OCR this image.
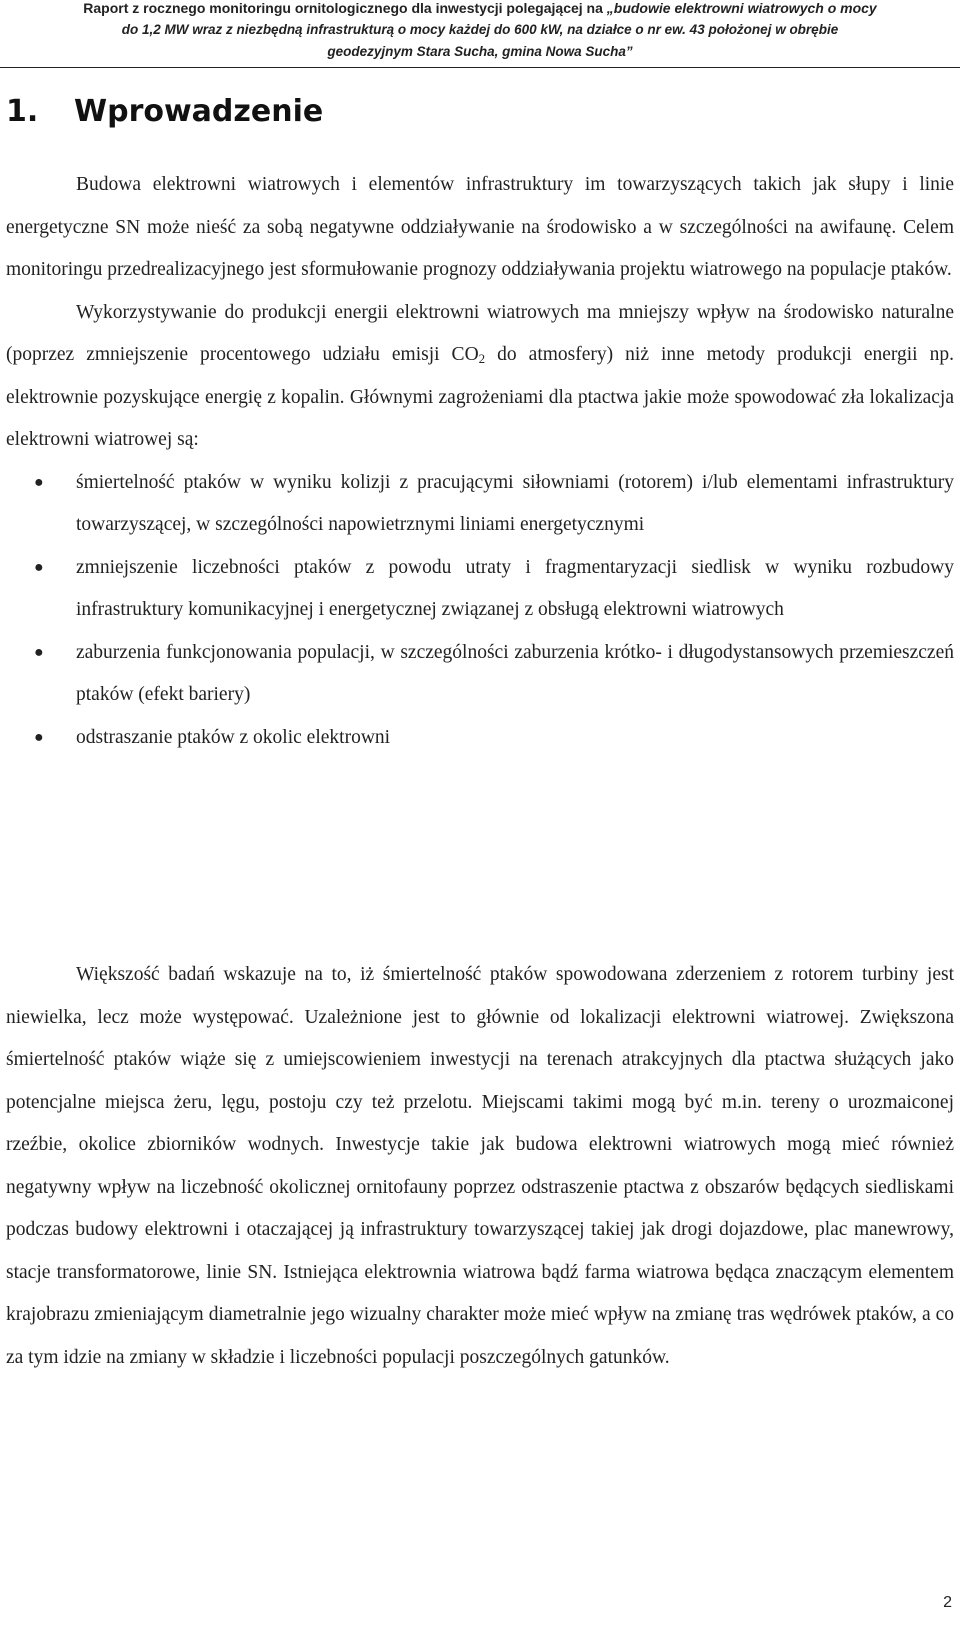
Raport z rocznego monitoringu ornitologicznego dla inwestycji polegającej na „budowie elektrowni wiatrowych o mocy
do 1,2 MW wraz z niezbędną infrastrukturą o mocy każdej do 600 kW, na działce o nr ew. 43 położonej w obrębie
geodezyjnym Stara Sucha, gmina Nowa Sucha”
1. Wprowadzenie

Budowa elektrowni wiatrowych i elementów infrastruktury im towarzyszących takich jak słupy i linie energetyczne SN może nieść za sobą negatywne oddziaływanie na środowisko a w szczególności na awifaunę. Celem monitoringu przedrealizacyjnego jest sformułowanie prognozy oddziaływania projektu wiatrowego na populacje ptaków.

Wykorzystywanie do produkcji energii elektrowni wiatrowych ma mniejszy wpływ na środowisko naturalne (poprzez zmniejszenie procentowego udziału emisji $CO_2$ do atmosfery) niż inne metody produkcji energii np. elektrownie pozyskujące energię z kopalin. Głównymi zagrożeniami dla ptactwa jakie może spowodować zła lokalizacja elektrowni wiatrowej są:

● śmiertelność ptaków w wyniku kolizji z pracującymi siłowniami (rotorem) i/lub elementami infrastruktury towarzyszącej, w szczególności napowietrznymi liniami energetycznymi
● zmniejszenie liczebności ptaków z powodu utraty i fragmentaryzacji siedlisk w wyniku rozbudowy infrastruktury komunikacyjnej i energetycznej związanej z obsługą elektrowni wiatrowych
● zaburzenia funkcjonowania populacji, w szczególności zaburzenia krótko- i długodystansowych przemieszczeń ptaków (efekt bariery)
● odstraszanie ptaków z okolic elektrowni

Większość badań wskazuje na to, iż śmiertelność ptaków spowodowana zderzeniem z rotorem turbiny jest niewielka, lecz może występować. Uzależnione jest to głównie od lokalizacji elektrowni wiatrowej. Zwiększona śmiertelność ptaków wiąże się z umiejscowieniem inwestycji na terenach atrakcyjnych dla ptactwa służących jako potencjalne miejsca żeru, lęgu, postoju czy też przelotu. Miejscami takimi mogą być m.in. tereny o urozmaiconej rzeźbie, okolice zbiorników wodnych. Inwestycje takie jak budowa elektrowni wiatrowych mogą mieć również negatywny wpływ na liczebność okolicznej ornitofauny poprzez odstraszenie ptactwa z obszarów będących siedliskami podczas budowy elektrowni i otaczającej ją infrastruktury towarzyszącej takiej jak drogi dojazdowe, plac manewrowy, stacje transformatorowe, linie SN. Istniejąca elektrownia wiatrowa bądź farma wiatrowa będąca znaczącym elementem krajobrazu zmieniającym diametralnie jego wizualny charakter może mieć wpływ na zmianę tras wędrówek ptaków, a co za tym idzie na zmiany w składzie i liczebności populacji poszczególnych gatunków.

2
